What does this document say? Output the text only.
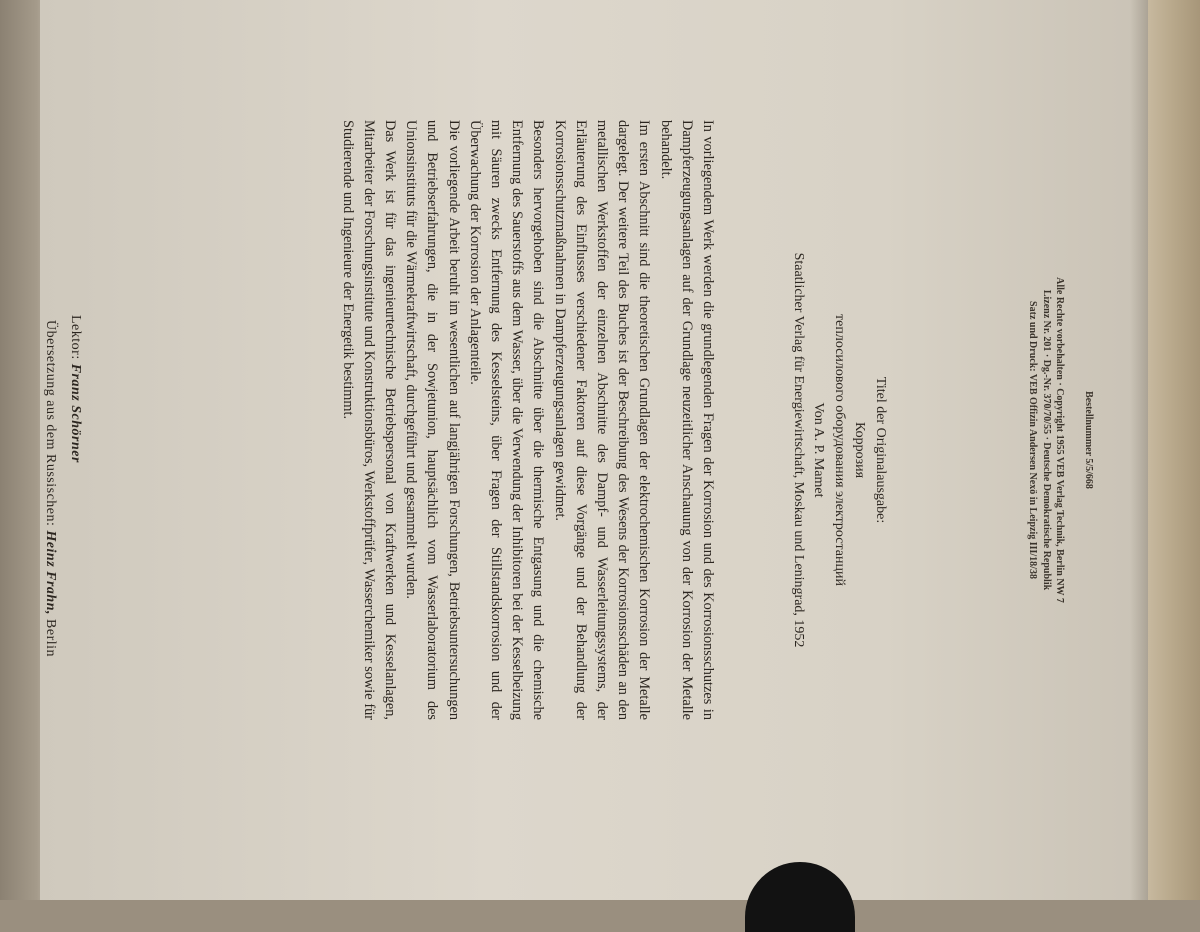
Übersetzung aus dem Russischen: Heinz Frahn, Berlin
Lektor: Franz Schörner	In vorliegendem Werk werden die grundlegenden Fragen der Korrosion und des Korrosionsschutzes in Dampferzeugungsanlagen auf der Grundlage neuzeitlicher Anschauung von der Korrosion der Metalle behandelt.

Im ersten Abschnitt sind die theoretischen Grundlagen der elektrochemischen Korrosion der Metalle dargelegt. Der weitere Teil des Buches ist der Beschreibung des Wesens der Korrosionsschäden an den metallischen Werkstoffen der einzelnen Abschnitte des Dampf- und Wasserleitungssystems, der Erläuterung des Einflusses verschiedener Faktoren auf diese Vorgänge und der Behandlung der Korrosionsschutzmaßnahmen in Dampferzeugungsanlagen gewidmet.

Besonders hervorgehoben sind die Abschnitte über die thermische Entgasung und die chemische Entfernung des Sauerstoffs aus dem Wasser, über die Verwendung der Inhibitoren bei der Kesselbeizung mit Säuren zwecks Entfernung des Kesselsteins, über Fragen der Stillstandskorrosion und der Überwachung der Korrosion der Anlagenteile.

Die vorliegende Arbeit beruht im wesentlichen auf langjährigen Forschungen, Betriebsuntersuchungen und Betriebserfahrungen, die in der Sowjetunion, hauptsächlich vom Wasserlaboratorium des Unionsinstituts für die Wärmekraftwirtschaft, durchgeführt und gesammelt wurden.

Das Werk ist für das ingenieurtechnische Betriebspersonal von Kraftwerken und Kesselanlagen, Mitarbeiter der Forschungsinstitute und Konstruktionsbüros, Werkstoffprüfer, Wasserchemiker sowie für Studierende und Ingenieure der Energetik bestimmt.

Titel der Originalausgabe:
Коррозия
теплосилового оборудования электростанций
Von A. P. Mamet
Staatlicher Verlag für Energiewirtschaft, Moskau und Leningrad, 1952	Bestellnummer 5/5/668
Alle Rechte vorbehalten · Copyright 1955 VEB Verlag Technik, Berlin NW 7
Lizenz Nr. 201 · Dg.-Nr. 370/70/55 · Deutsche Demokratische Republik
Satz und Druck: VEB Offizin Andersen Nexö in Leipzig III/18/38
